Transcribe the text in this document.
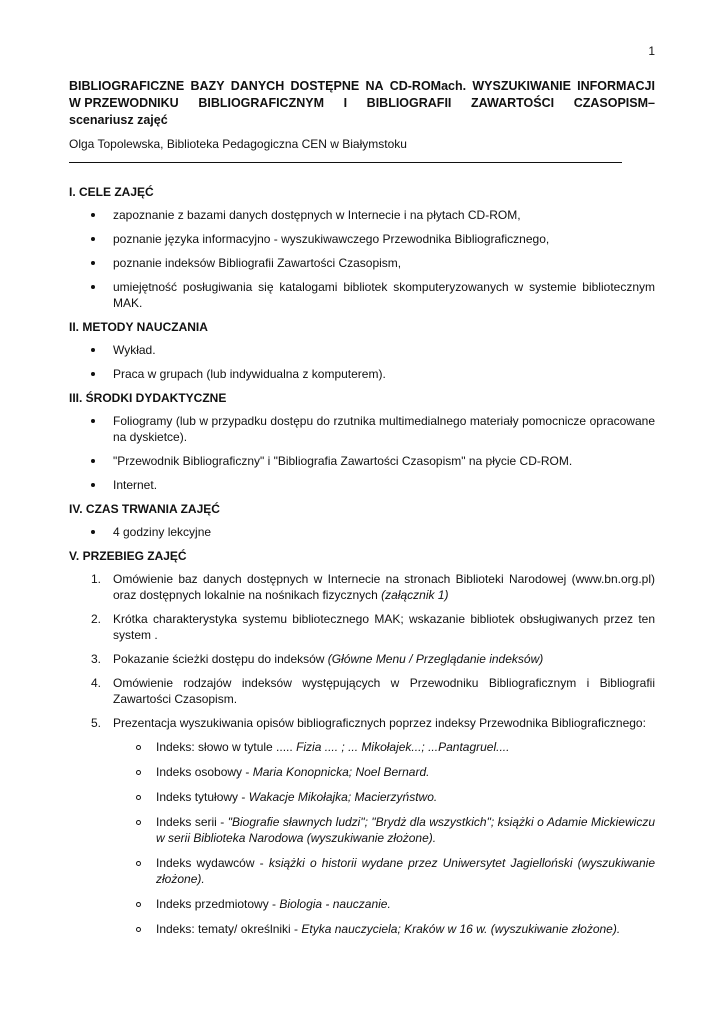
1
BIBLIOGRAFICZNE BAZY DANYCH DOSTĘPNE NA CD-ROMach. WYSZUKIWANIE INFORMACJI
W PRZEWODNIKU BIBLIOGRAFICZNYM I BIBLIOGRAFII ZAWARTOŚCI CZASOPISM–
scenariusz zajęć
Olga Topolewska, Biblioteka Pedagogiczna CEN w Białymstoku
I. CELE ZAJĘĆ
zapoznanie z bazami danych dostępnych w Internecie i na płytach CD-ROM,
poznanie języka informacyjno - wyszukiwawczego Przewodnika Bibliograficznego,
poznanie indeksów Bibliografii Zawartości Czasopism,
umiejętność posługiwania się katalogami bibliotek skomputeryzowanych w systemie bibliotecznym MAK.
II. METODY NAUCZANIA
Wykład.
Praca w grupach (lub indywidualna z komputerem).
III. ŚRODKI DYDAKTYCZNE
Foliogramy (lub w przypadku dostępu do rzutnika multimedialnego materiały pomocnicze opracowane na dyskietce).
"Przewodnik Bibliograficzny" i "Bibliografia Zawartości Czasopism" na płycie CD-ROM.
Internet.
IV. CZAS TRWANIA ZAJĘĆ
4 godziny lekcyjne
V. PRZEBIEG ZAJĘĆ
1. Omówienie baz danych dostępnych w Internecie na stronach Biblioteki Narodowej (www.bn.org.pl) oraz dostępnych lokalnie na nośnikach fizycznych (załącznik 1)
2. Krótka charakterystyka systemu bibliotecznego MAK; wskazanie bibliotek obsługiwanych przez ten system .
3. Pokazanie ścieżki dostępu do indeksów (Główne Menu / Przeglądanie indeksów)
4. Omówienie rodzajów indeksów występujących w Przewodniku Bibliograficznym i Bibliografii Zawartości Czasopism.
5. Prezentacja wyszukiwania opisów bibliograficznych poprzez indeksy Przewodnika Bibliograficznego:
Indeks: słowo w tytule ..... Fizia .... ; ... Mikołajek...; ...Pantagruel....
Indeks osobowy - Maria Konopnicka; Noel Bernard.
Indeks tytułowy - Wakacje Mikołajka; Macierzyństwo.
Indeks serii - "Biografie sławnych ludzi"; "Brydż dla wszystkich"; książki o Adamie Mickiewiczu w serii Biblioteka Narodowa (wyszukiwanie złożone).
Indeks wydawców - książki o historii wydane przez Uniwersytet Jagielloński (wyszukiwanie złożone).
Indeks przedmiotowy - Biologia - nauczanie.
Indeks: tematy/ określniki - Etyka nauczyciela; Kraków w 16 w. (wyszukiwanie złożone).
